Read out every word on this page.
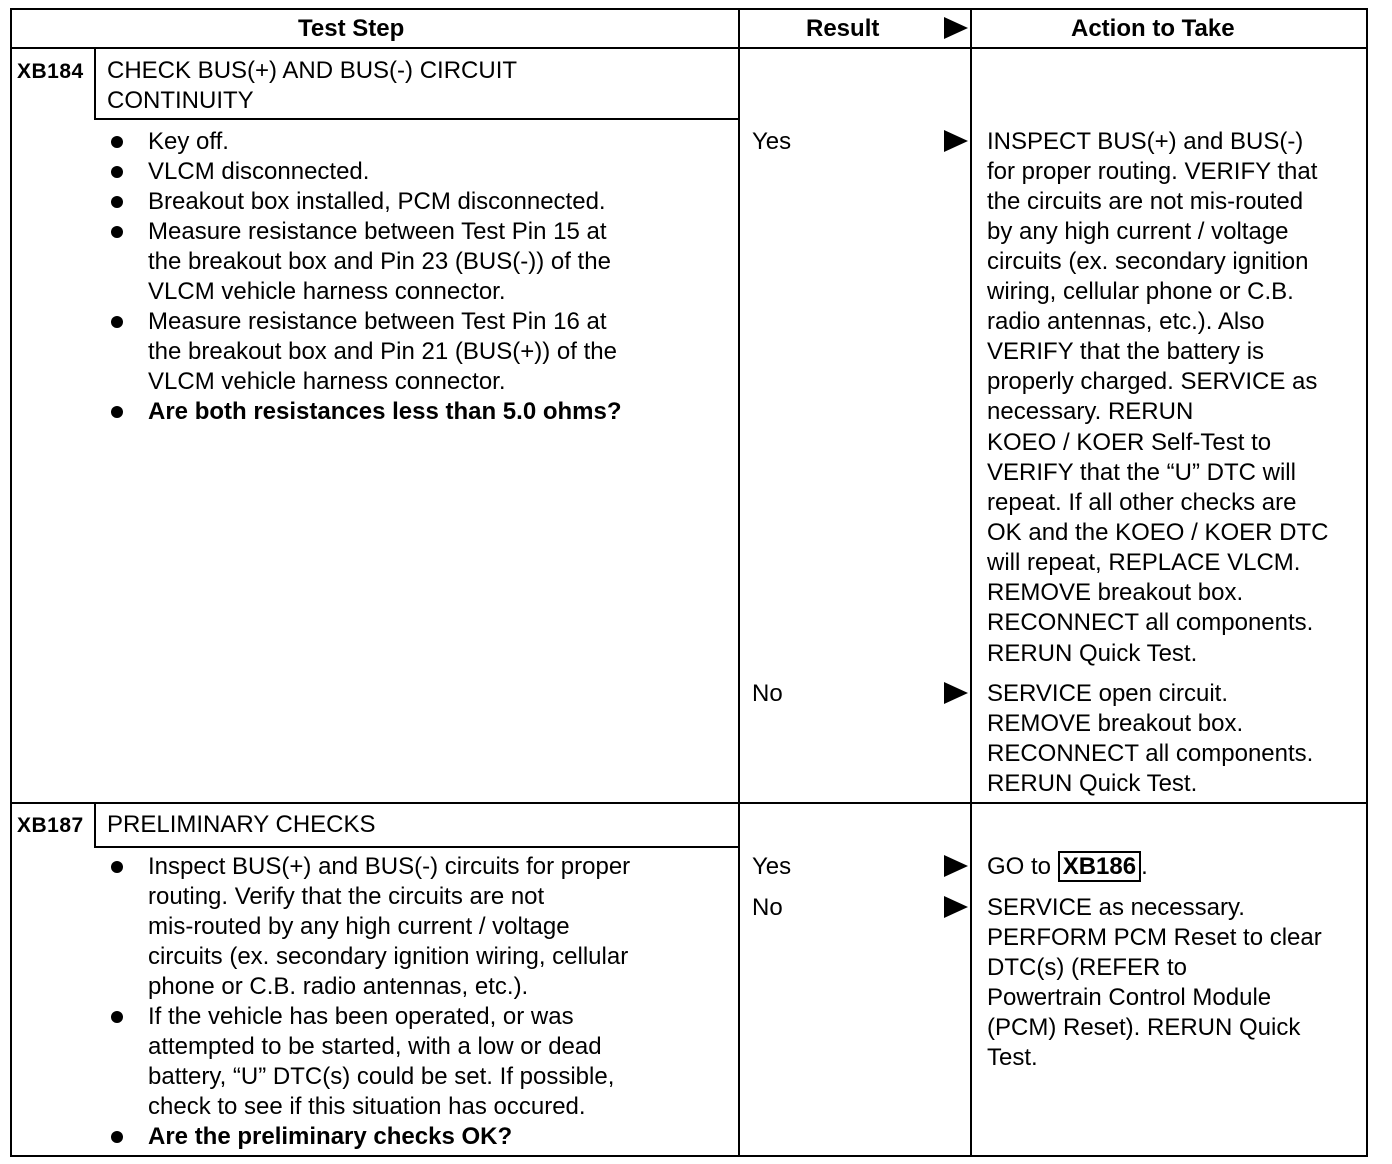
Test Step	Result	Action to Take
XB184 CHECK BUS(+) AND BUS(-) CIRCUIT
CONTINUITY
Key off.
VLCM disconnected.
Breakout box installed, PCM disconnected.
Measure resistance between Test Pin 15 at
the breakout box and Pin 23 (BUS(-)) of the
VLCM vehicle harness connector.
Measure resistance between Test Pin 16 at
the breakout box and Pin 21 (BUS(+)) of the
VLCM vehicle harness connector.
Are both resistances less than 5.0 ohms?
Yes	INSPECT BUS(+) and BUS(-)
for proper routing. VERIFY that
the circuits are not mis-routed
by any high current / voltage
circuits (ex. secondary ignition
wiring, cellular phone or C.B.
radio antennas, etc.). Also
VERIFY that the battery is
properly charged. SERVICE as
necessary. RERUN
KOEO / KOER Self-Test to
VERIFY that the “U” DTC will
repeat. If all other checks are
OK and the KOEO / KOER DTC
will repeat, REPLACE VLCM.
REMOVE breakout box.
RECONNECT all components.
RERUN Quick Test.
No	SERVICE open circuit.
REMOVE breakout box.
RECONNECT all components.
RERUN Quick Test.
XB187 PRELIMINARY CHECKS
Inspect BUS(+) and BUS(-) circuits for proper
routing. Verify that the circuits are not
mis-routed by any high current / voltage
circuits (ex. secondary ignition wiring, cellular
phone or C.B. radio antennas, etc.).
If the vehicle has been operated, or was
attempted to be started, with a low or dead
battery, “U” DTC(s) could be set. If possible,
check to see if this situation has occured.
Are the preliminary checks OK?
Yes	GO to XB186 .
No	SERVICE as necessary.
PERFORM PCM Reset to clear
DTC(s) (REFER to
Powertrain Control Module
(PCM) Reset). RERUN Quick
Test.
